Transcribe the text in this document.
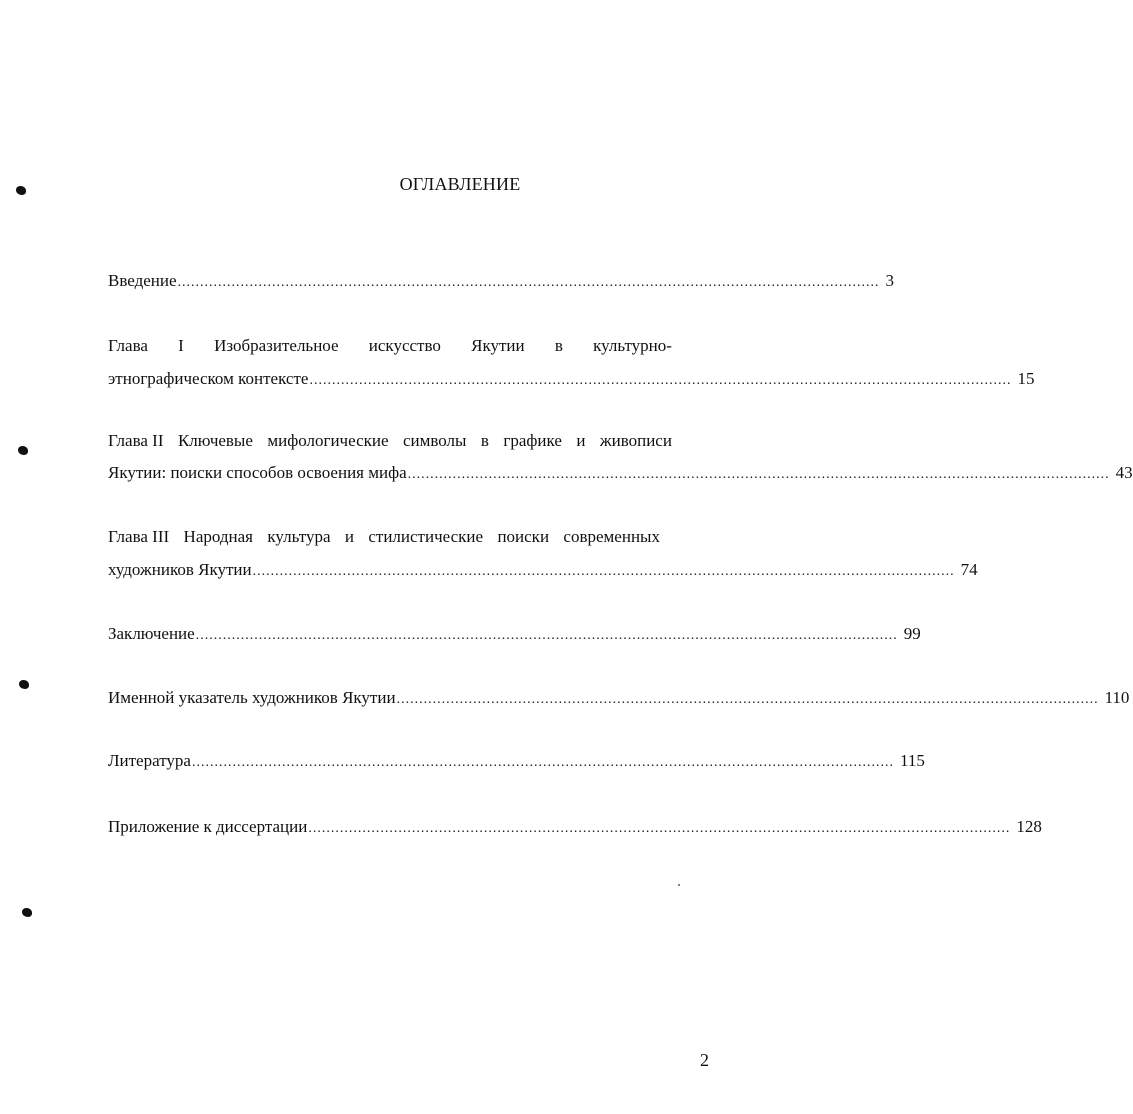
ОГЛАВЛЕНИЕ
Введение ............................................................................................................................................................ 3
Глава I Изобразительное искусство Якутии в культурно-
этнографическом контексте ............................................................................................................................................................ 15
Глава II Ключевые мифологические символы в графике и живописи
Якутии: поиски способов освоения мифа ............................................................................................................................................................ 43
Глава III Народная культура и стилистические поиски современных
художников Якутии ............................................................................................................................................................ 74
Заключение ............................................................................................................................................................ 99
Именной указатель художников Якутии ............................................................................................................................................................ 110
Литература ............................................................................................................................................................ 115
Приложение к диссертации ............................................................................................................................................................ 128
2
